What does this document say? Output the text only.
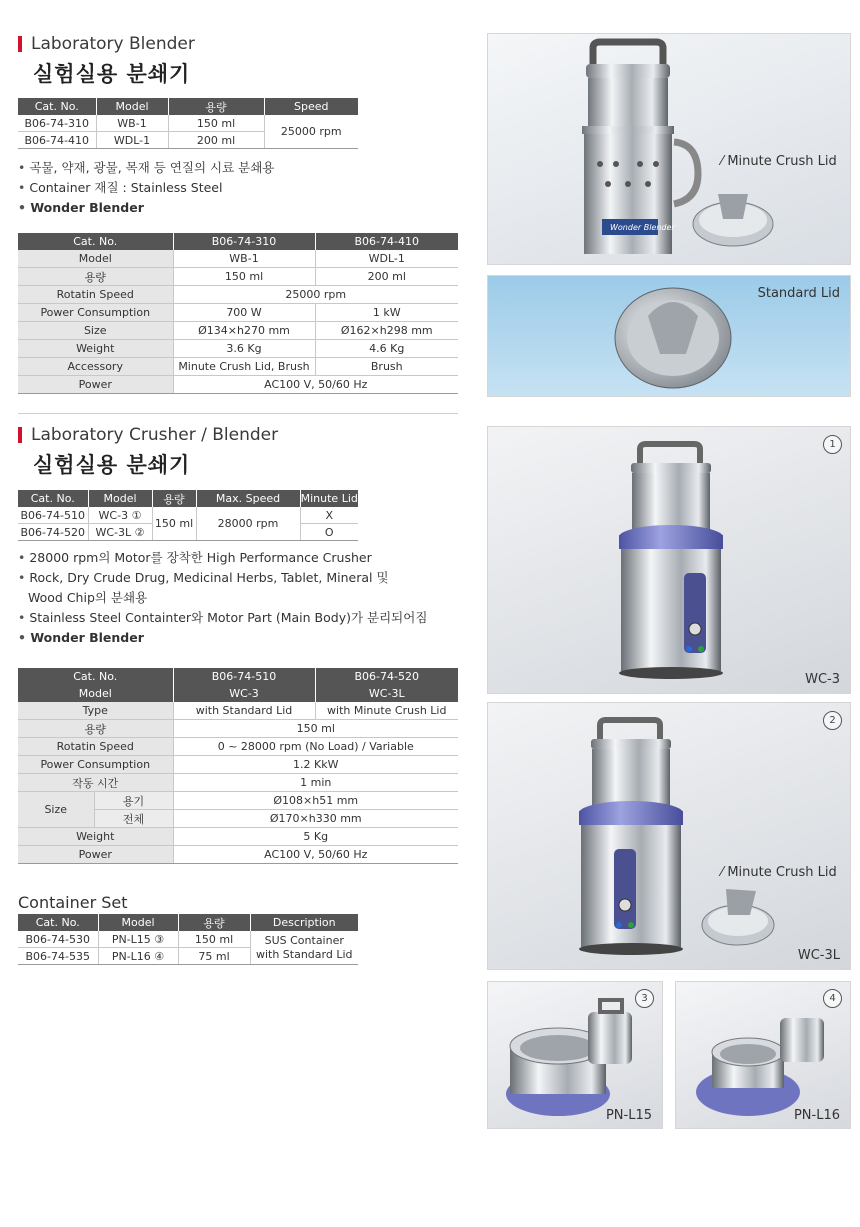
Laboratory Blender
실험실용 분쇄기
Cat. No.	Model	용량	Speed
B06-74-310	WB-1	150 ml	25000 rpm
B06-74-410	WDL-1	200 ml	
• 곡물, 약재, 광물, 목재 등 연질의 시료 분쇄용
• Container 재질 : Stainless Steel
• Wonder Blender
Cat. No.	B06-74-310	B06-74-410
Model	WB-1	WDL-1
용량	150 ml	200 ml
Rotatin Speed	25000 rpm	
Power Consumption	700 W	1 kW
Size	Ø134×h270 mm	Ø162×h298 mm
Weight	3.6 Kg	4.6 Kg
Accessory	Minute Crush Lid, Brush	Brush
Power	AC100 V, 50/60 Hz	
Wonder Blender
⁄ Minute Crush Lid
Standard Lid
Laboratory Crusher / Blender
실험실용 분쇄기
Cat. No.	Model	용량	Max. Speed	Minute Lid
B06-74-510	WC-3 ①	150 ml	28000 rpm	X
B06-74-520	WC-3L ②			O
• 28000 rpm의 Motor를 장착한 High Performance Crusher
• Rock, Dry Crude Drug, Medicinal Herbs, Tablet, Mineral 및
Wood Chip의 분쇄용
• Stainless Steel Containter와 Motor Part (Main Body)가 분리되어짐
• Wonder Blender
Cat. No.		B06-74-510	B06-74-520
Model		WC-3	WC-3L
Type		with Standard Lid	with Minute Crush Lid
용량		150 ml	
Rotatin Speed		0 ~ 28000 rpm (No Load) / Variable	
Power Consumption		1.2 KkW	
작동 시간		1 min	
Size	용기	Ø108×h51 mm	
	전체	Ø170×h330 mm	
Weight		5 Kg	
Power		AC100 V, 50/60 Hz	
1
WC-3
2
⁄ Minute Crush Lid
WC-3L
Container Set
Cat. No.	Model	용량	Description
B06-74-530	PN-L15 ③	150 ml	SUS Container with Standard Lid
B06-74-535	PN-L16 ④	75 ml	
3
PN-L15
4
PN-L16
